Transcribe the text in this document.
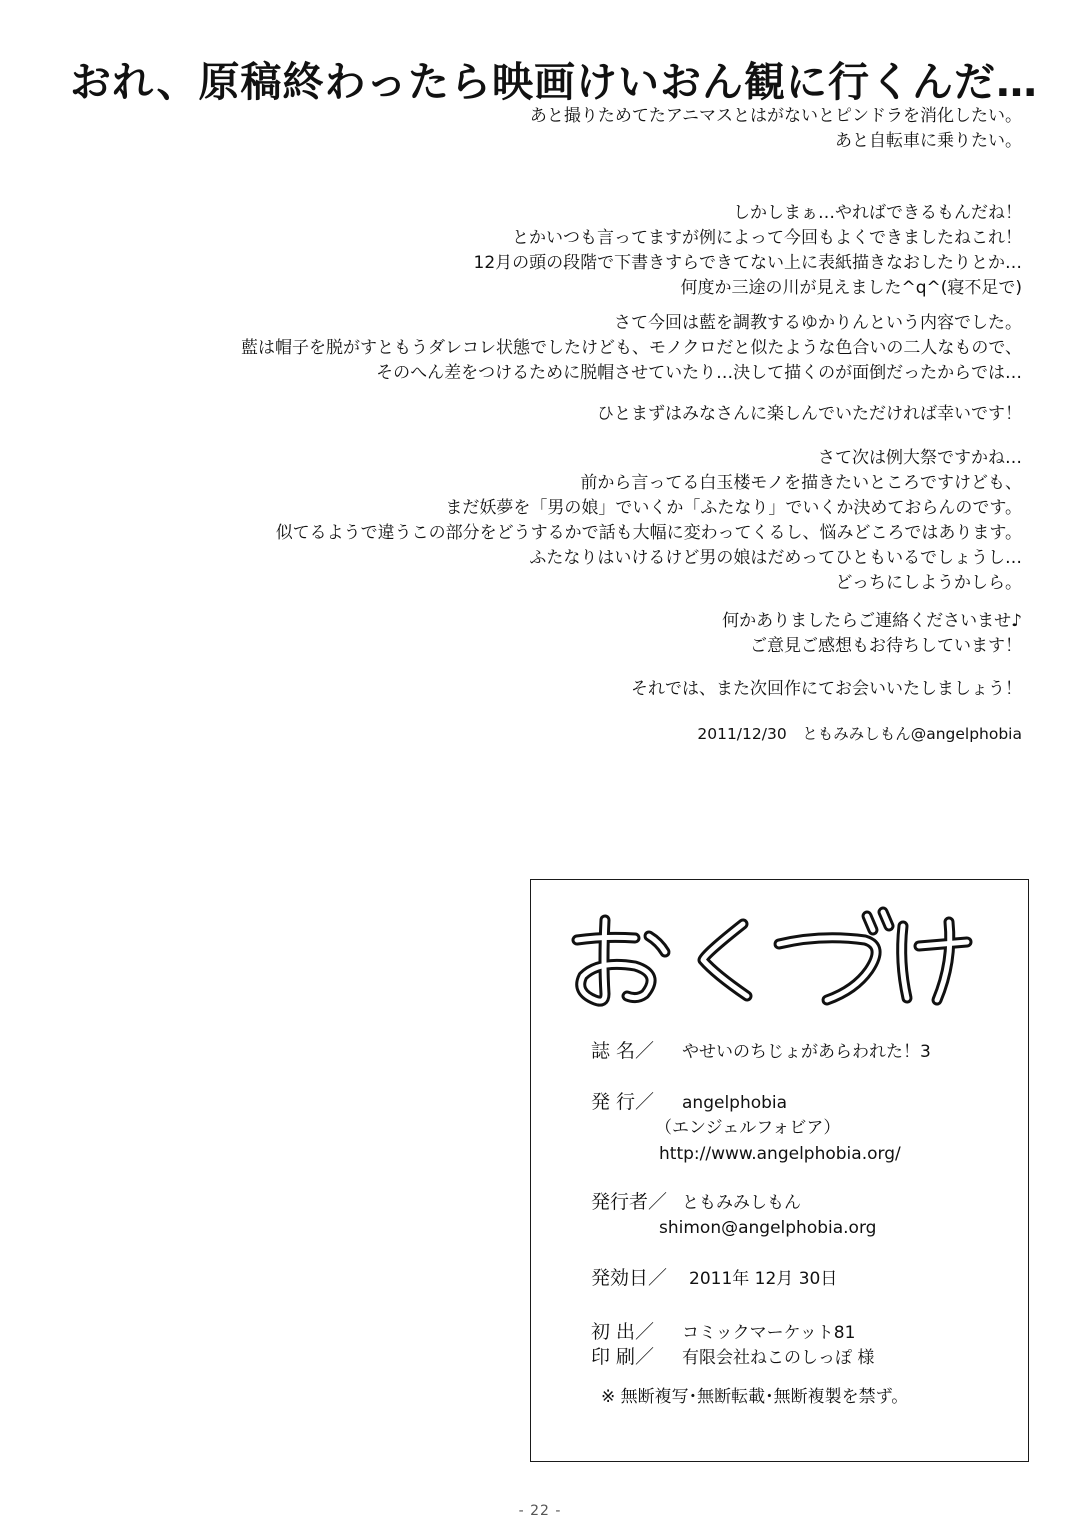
おれ、原稿終わったら映画けいおん観に行くんだ…

あと撮りためてたアニマスとはがないとピンドラを消化したい。

あと自転車に乗りたい。

しかしまぁ…やればできるもんだね！

とかいつも言ってますが例によって今回もよくできましたねこれ！

12月の頭の段階で下書きすらできてない上に表紙描きなおしたりとか…

何度か三途の川が見えました^q^(寝不足で)

さて今回は藍を調教するゆかりんという内容でした。

藍は帽子を脱がすともうダレコレ状態でしたけども、モノクロだと似たような色合いの二人なもので、

そのへん差をつけるために脱帽させていたり…決して描くのが面倒だったからでは…

ひとまずはみなさんに楽しんでいただければ幸いです！

さて次は例大祭ですかね…

前から言ってる白玉楼モノを描きたいところですけども、

まだ妖夢を「男の娘」でいくか「ふたなり」でいくか決めておらんのです。

似てるようで違うこの部分をどうするかで話も大幅に変わってくるし、悩みどころではあります。

ふたなりはいけるけど男の娘はだめってひともいるでしょうし…

どっちにしようかしら。

何かありましたらご連絡くださいませ♪

ご意見ご感想もお待ちしています！

それでは、また次回作にてお会いいたしましょう！

2011/12/30　ともみみしもん@angelphobia
誌 名／ やせいのちじょがあらわれた！3
発 行／ angelphobia
（エンジェルフォビア）
http://www.angelphobia.org/
発行者／ ともみみしもん
shimon@angelphobia.org
発効日／ 2011年 12月 30日
初 出／ コミックマーケット81
印 刷／ 有限会社ねこのしっぽ 様
※ 無断複写･無断転載･無断複製を禁ず。
- 22 -
